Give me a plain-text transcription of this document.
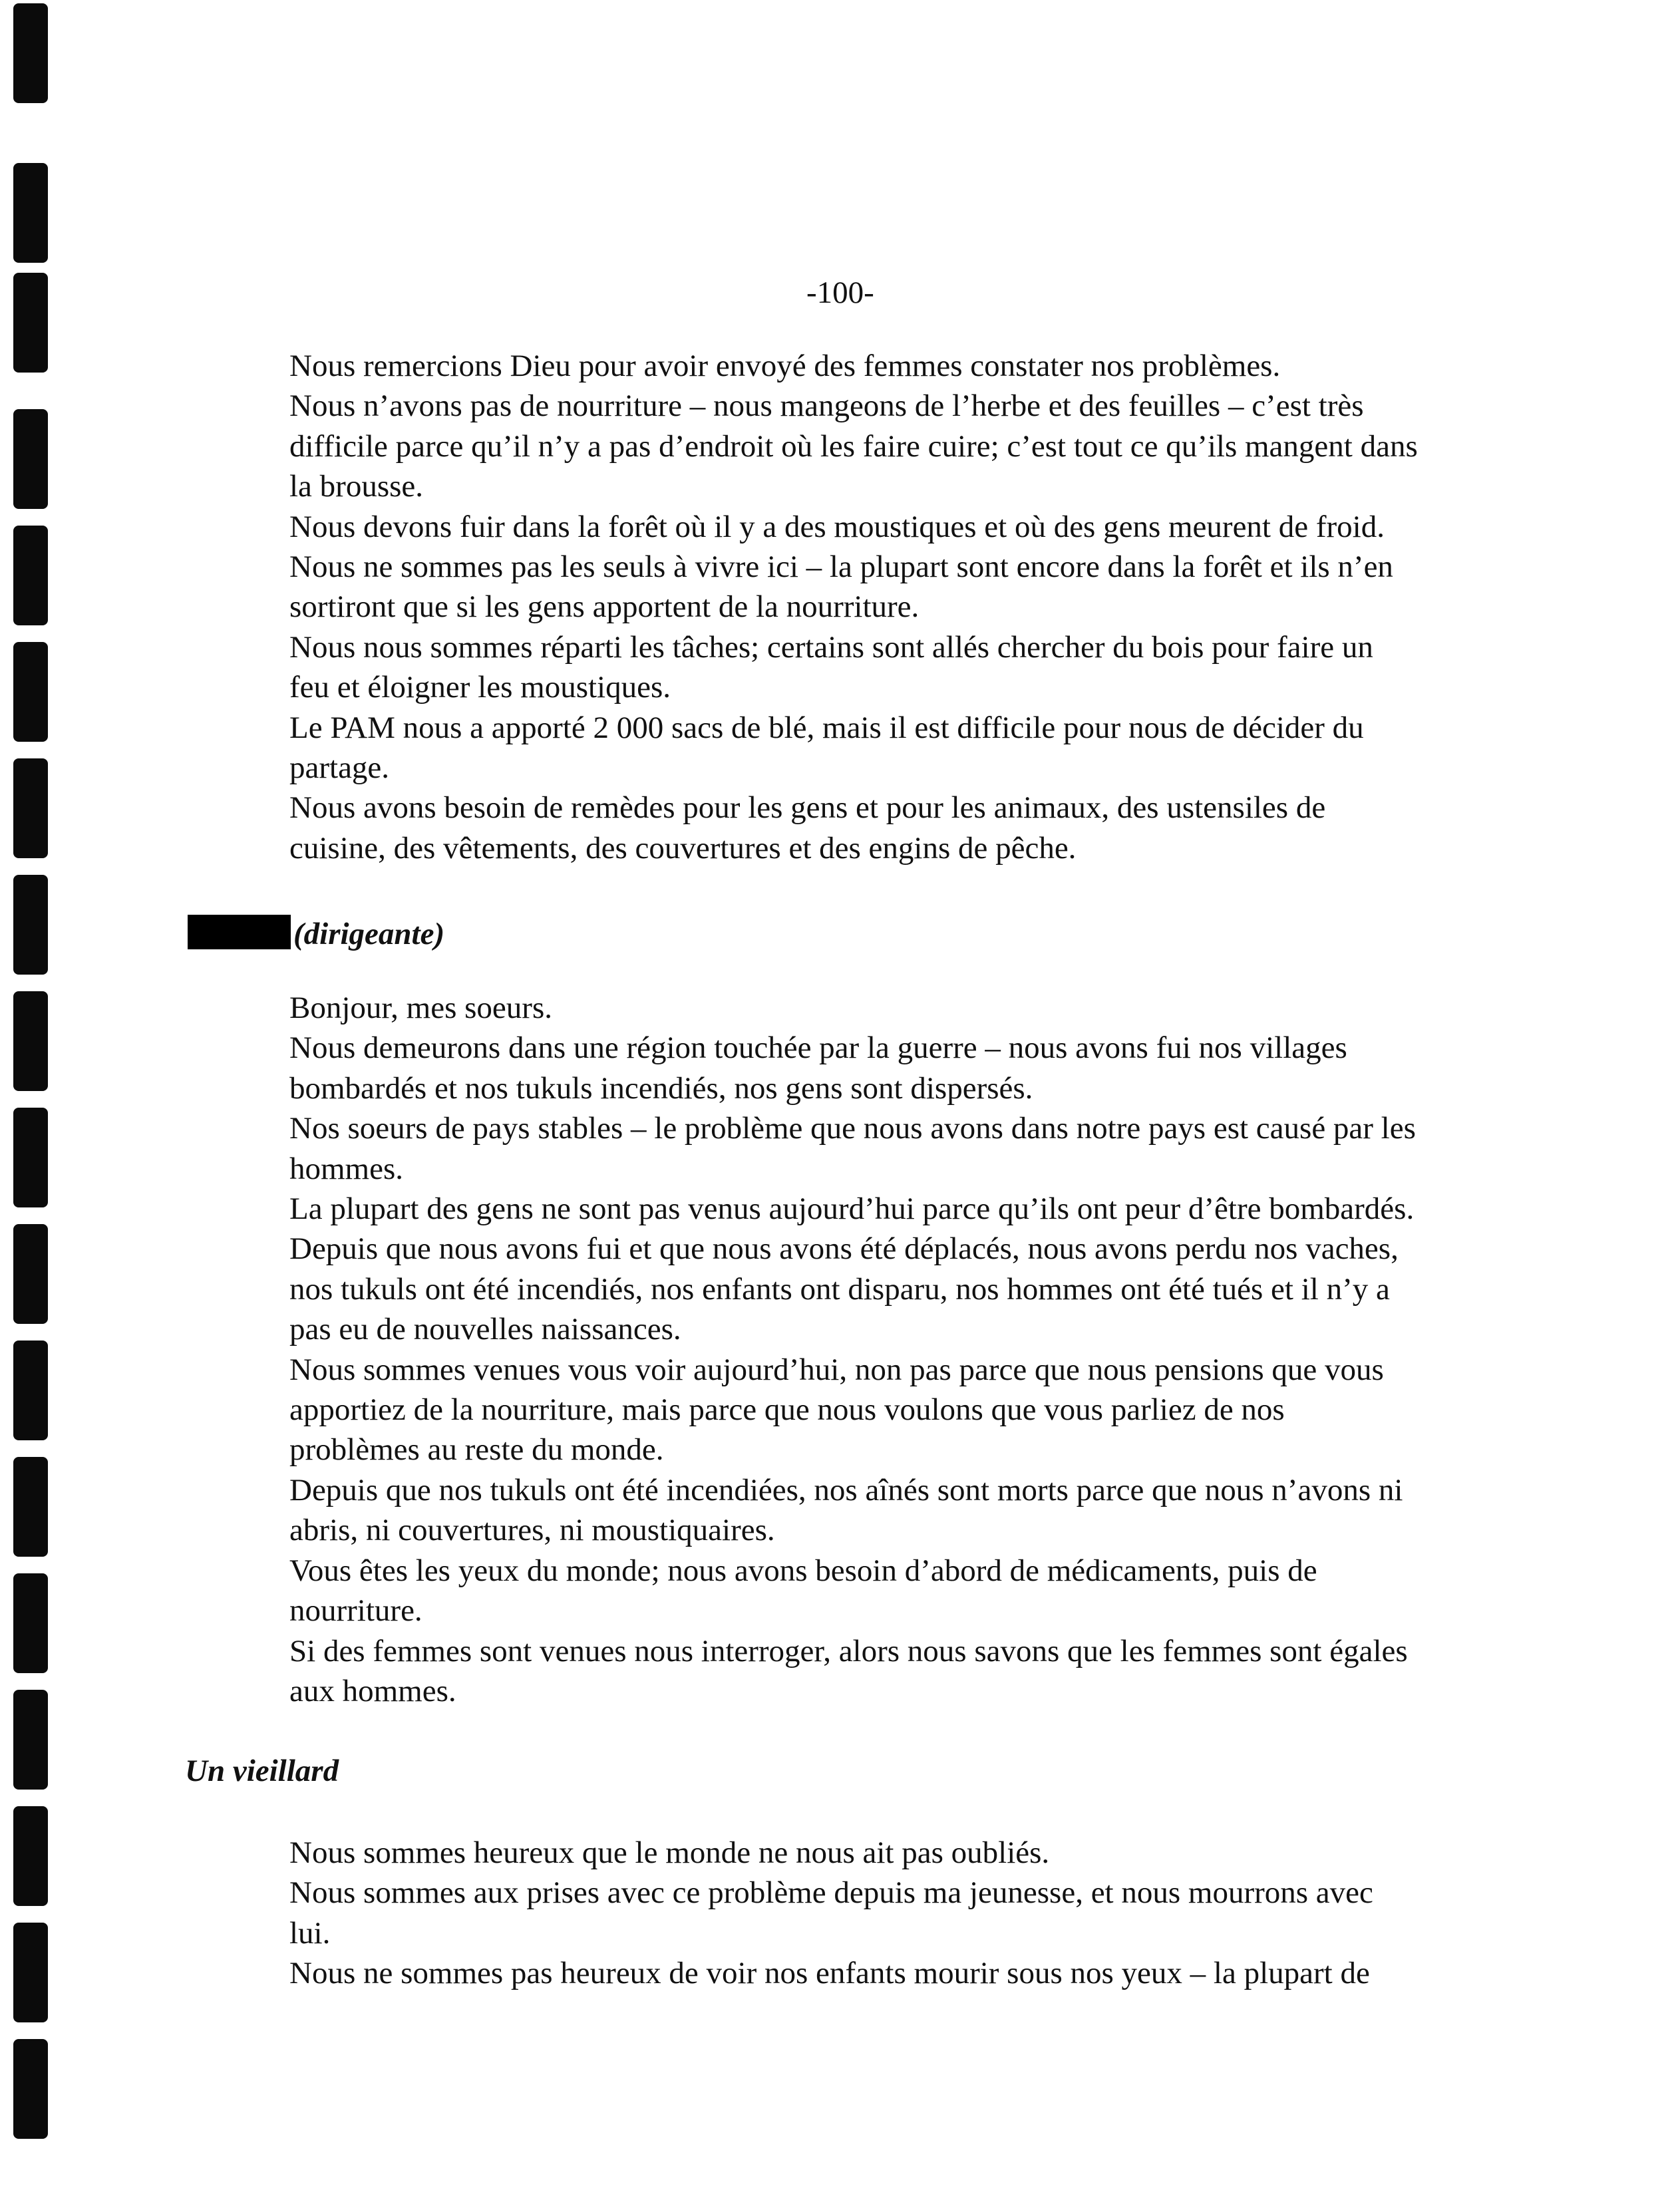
-100-
Nous remercions Dieu pour avoir envoyé des femmes constater nos problèmes.
Nous n’avons pas de nourriture – nous mangeons de l’herbe et des feuilles – c’est très
difficile parce qu’il n’y a pas d’endroit où les faire cuire; c’est tout ce qu’ils mangent dans
la brousse.
Nous devons fuir dans la forêt où il y a des moustiques et où des gens meurent de froid.
Nous ne sommes pas les seuls à vivre ici – la plupart sont encore dans la forêt et ils n’en
sortiront que si les gens apportent de la nourriture.
Nous nous sommes réparti les tâches; certains sont allés chercher du bois pour faire un
feu et éloigner les moustiques.
Le PAM nous a apporté 2 000 sacs de blé, mais il est difficile pour nous de décider du
partage.
Nous avons besoin de remèdes pour les gens et pour les animaux, des ustensiles de
cuisine, des vêtements, des couvertures et des engins de pêche.
(dirigeante)
Bonjour, mes soeurs.
Nous demeurons dans une région touchée par la guerre – nous avons fui nos villages
bombardés et nos tukuls incendiés, nos gens sont dispersés.
Nos soeurs de pays stables – le problème que nous avons dans notre pays est causé par les
hommes.
La plupart des gens ne sont pas venus aujourd’hui parce qu’ils ont peur d’être bombardés.
Depuis que nous avons fui et que nous avons été déplacés, nous avons perdu nos vaches,
nos tukuls ont été incendiés, nos enfants ont disparu, nos hommes ont été tués et il n’y a
pas eu de nouvelles naissances.
Nous sommes venues vous voir aujourd’hui, non pas parce que nous pensions que vous
apportiez de la nourriture, mais parce que nous voulons que vous parliez de nos
problèmes au reste du monde.
Depuis que nos tukuls ont été incendiées, nos aînés sont morts parce que nous n’avons ni
abris, ni couvertures, ni moustiquaires.
Vous êtes les yeux du monde; nous avons besoin d’abord de médicaments, puis de
nourriture.
Si des femmes sont venues nous interroger, alors nous savons que les femmes sont égales
aux hommes.
Un vieillard
Nous sommes heureux que le monde ne nous ait pas oubliés.
Nous sommes aux prises avec ce problème depuis ma jeunesse, et nous mourrons avec
lui.
Nous ne sommes pas heureux de voir nos enfants mourir sous nos yeux – la plupart de
